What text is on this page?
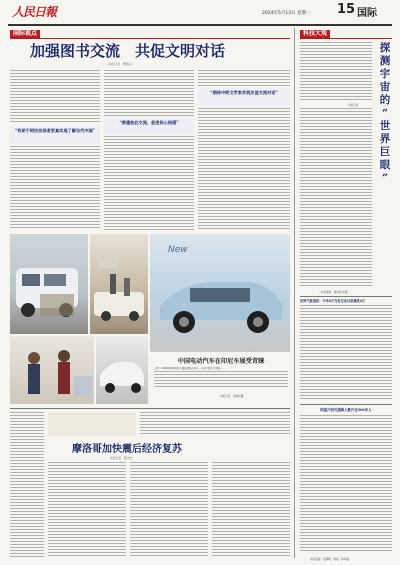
人民日報	2024年5月13日 星期一 15 国际
国际视点
加强图书交流　共促文明对话
本报记者　曹凯兴
“有助于阿拉伯读者更真实地了解当代中国”
“搭建彼此交流、促进民心相通”
“期待中阿文学家共筑友谊交流对话”
New
中国电动汽车在印尼车展受青睐
上图：2024年印尼国际车展在雅加达举办，多家中国车企参展……
本报记者　张晓东摄
摩洛哥加快震后经济复苏
本报记者　陈杰夫
科技大观
探
测
宇
宙
的
“
世
界
巨
眼
”
本报记者
（本版责编：黄培昭 杨倩）
世界气象组织：今年4月为有记录以来最热4月
阿富汗洪灾遇难人数升至300多人
本版责编：张倩晴　周锐　林卓编
